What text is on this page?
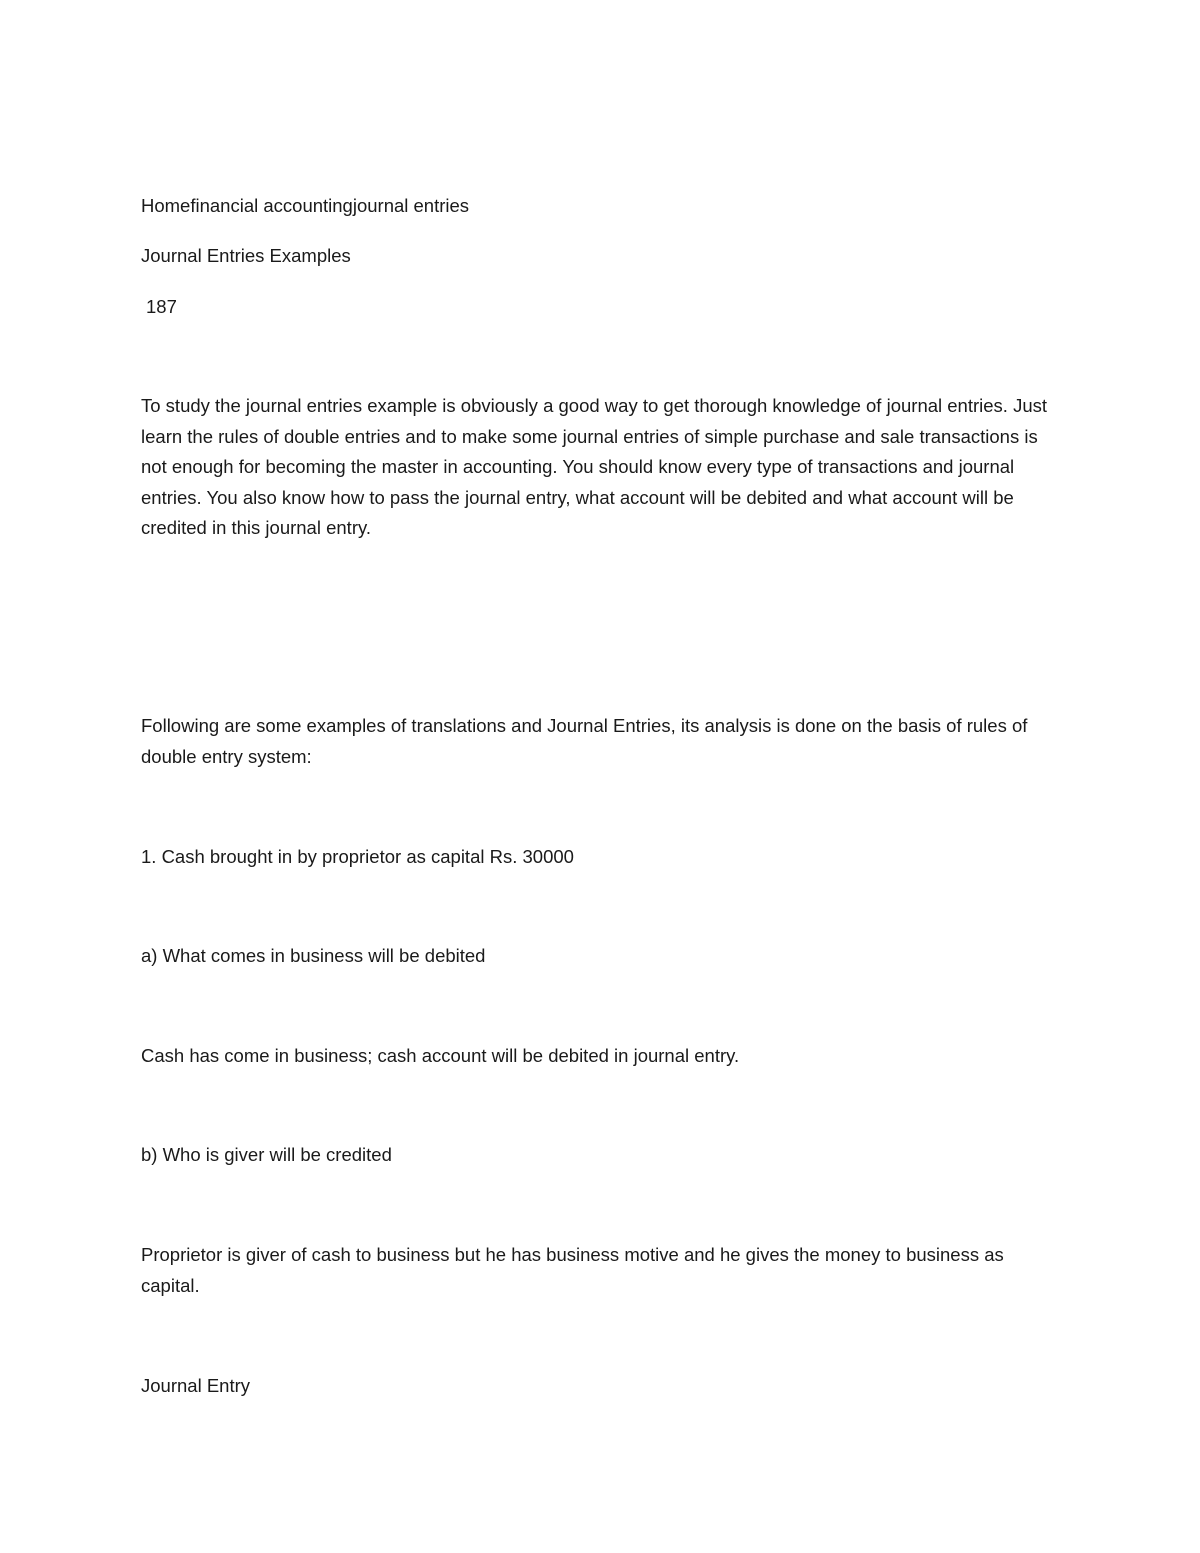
Homefinancial accountingjournal entries

Journal Entries Examples

187

To study the journal entries example is obviously a good way to get thorough knowledge of journal entries. Just learn the rules of double entries and to make some journal entries of simple purchase and sale transactions is not enough for becoming the master in accounting. You should know every type of transactions and journal entries. You also know how to pass the journal entry, what account will be debited and what account will be credited in this journal entry.

Following are some examples of translations and Journal Entries, its analysis is done on the basis of rules of double entry system:

1. Cash brought in by proprietor as capital Rs. 30000

a) What comes in business will be debited

Cash has come in business; cash account will be debited in journal entry.

b) Who is giver will be credited

Proprietor is giver of cash to business but he has business motive and he gives the money to business as capital.

Journal Entry
